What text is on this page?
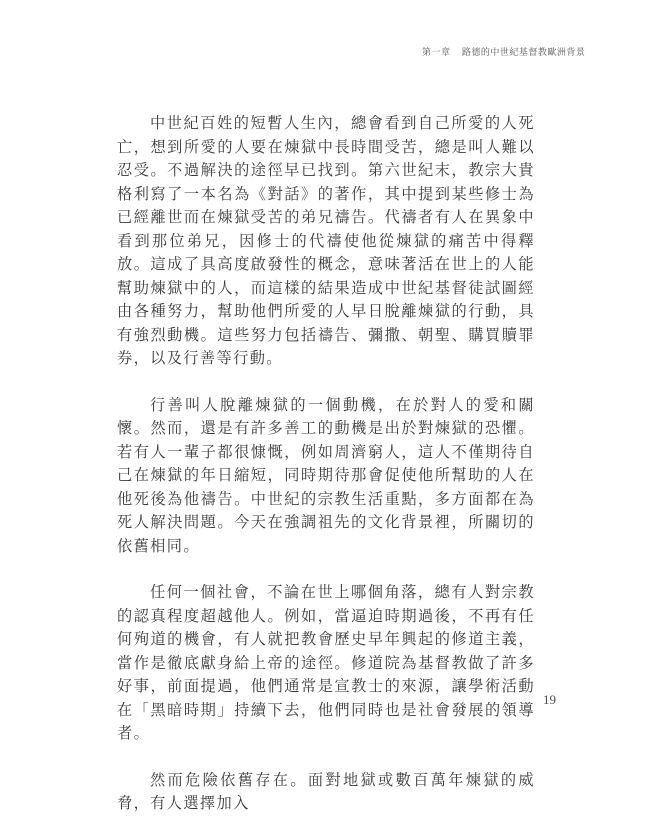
第一章 路德的中世紀基督教歐洲背景

中世紀百姓的短暫人生內，總會看到自己所愛的人死亡，想到所愛的人要在煉獄中長時間受苦，總是叫人難以忍受。不過解決的途徑早已找到。第六世紀末，教宗大貴格利寫了一本名為《對話》的著作，其中提到某些修士為已經離世而在煉獄受苦的弟兄禱告。代禱者有人在異象中看到那位弟兄，因修士的代禱使他從煉獄的痛苦中得釋放。這成了具高度啟發性的概念，意味著活在世上的人能幫助煉獄中的人，而這樣的結果造成中世紀基督徒試圖經由各種努力，幫助他們所愛的人早日脫離煉獄的行動，具有強烈動機。這些努力包括禱告、彌撒、朝聖、購買贖罪券，以及行善等行動。

行善叫人脫離煉獄的一個動機，在於對人的愛和關懷。然而，還是有許多善工的動機是出於對煉獄的恐懼。若有人一輩子都很慷慨，例如周濟窮人，這人不僅期待自己在煉獄的年日縮短，同時期待那會促使他所幫助的人在他死後為他禱告。中世紀的宗教生活重點，多方面都在為死人解決問題。今天在強調祖先的文化背景裡，所關切的依舊相同。

任何一個社會，不論在世上哪個角落，總有人對宗教的認真程度超越他人。例如，當逼迫時期過後，不再有任何殉道的機會，有人就把教會歷史早年興起的修道主義，當作是徹底獻身給上帝的途徑。修道院為基督教做了許多好事，前面提過，他們通常是宣教士的來源，讓學術活動在「黑暗時期」持續下去，他們同時也是社會發展的領導者。

然而危險依舊存在。面對地獄或數百萬年煉獄的威脅，有人選擇加入

19
